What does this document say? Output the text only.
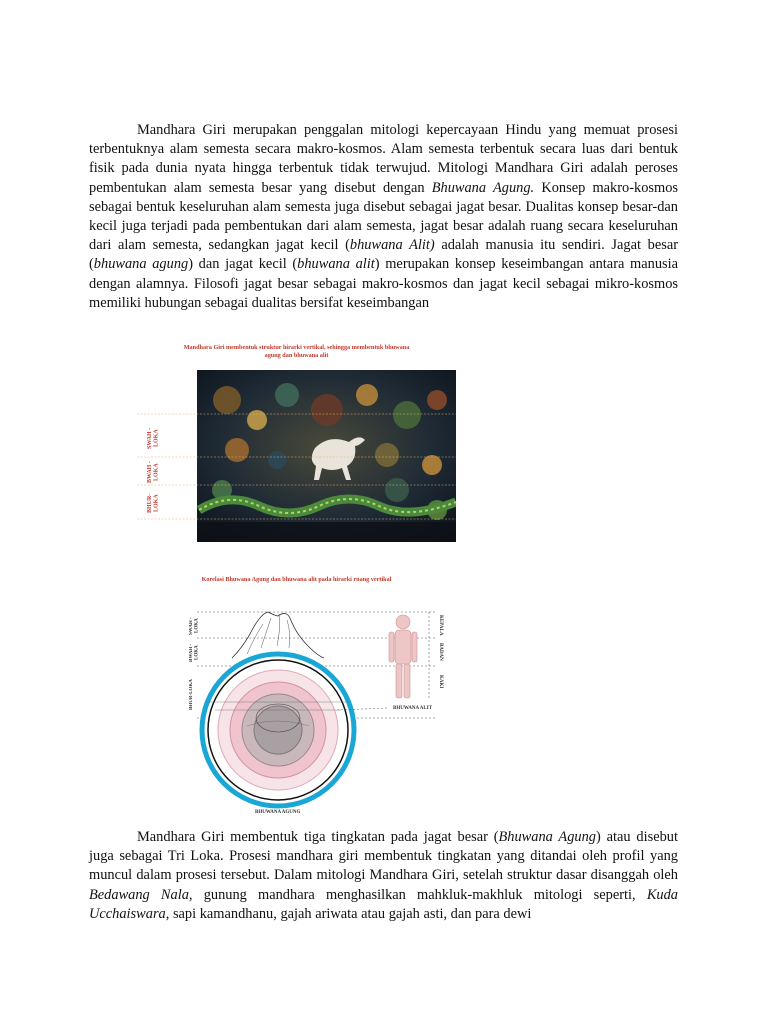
Mandhara Giri merupakan penggalan mitologi kepercayaan Hindu yang memuat prosesi terbentuknya alam semesta secara makro-kosmos. Alam semesta terbentuk secara luas dari bentuk fisik pada dunia nyata hingga terbentuk tidak terwujud. Mitologi Mandhara Giri adalah peroses pembentukan alam semesta besar yang disebut dengan Bhuwana Agung. Konsep makro-kosmos sebagai bentuk keseluruhan alam semesta juga disebut sebagai jagat besar. Dualitas konsep besar-dan kecil juga terjadi pada pembentukan dari alam semesta, jagat besar adalah ruang secara keseluruhan dari alam semesta, sedangkan jagat kecil (bhuwana Alit) adalah manusia itu sendiri. Jagat besar (bhuwana agung) dan jagat kecil (bhuwana alit) merupakan konsep keseimbangan antara manusia dengan alamnya. Filosofi jagat besar sebagai makro-kosmos dan jagat kecil sebagai mikro-kosmos memiliki hubungan sebagai dualitas bersifat keseimbangan

Mandhara Giri membentuk struktur hirarki vertikal, sehingga membentuk bhuwana
agung dan bhuwana alit
SWAH -LOKA
BWAH -LOKA
BHUR-LOKA
Korelasi Bhuwana Agung dan bhuwana alit pada hirarki ruang vertikal
SWAH -LOKA
BWAH -LOKA
BHUR-LOKA
KEPALA
BADAN
KAKI
BHUWANA ALIT
BHUWANA AGUNG

Mandhara Giri membentuk tiga tingkatan pada jagat besar (Bhuwana Agung) atau disebut juga sebagai Tri Loka. Prosesi mandhara giri membentuk tingkatan yang ditandai oleh profil yang muncul dalam prosesi tersebut. Dalam mitologi Mandhara Giri, setelah struktur dasar disanggah oleh Bedawang Nala, gunung mandhara menghasilkan mahkluk-makhluk mitologi seperti, Kuda Ucchaiswara, sapi kamandhanu, gajah ariwata atau gajah asti, dan para dewi
